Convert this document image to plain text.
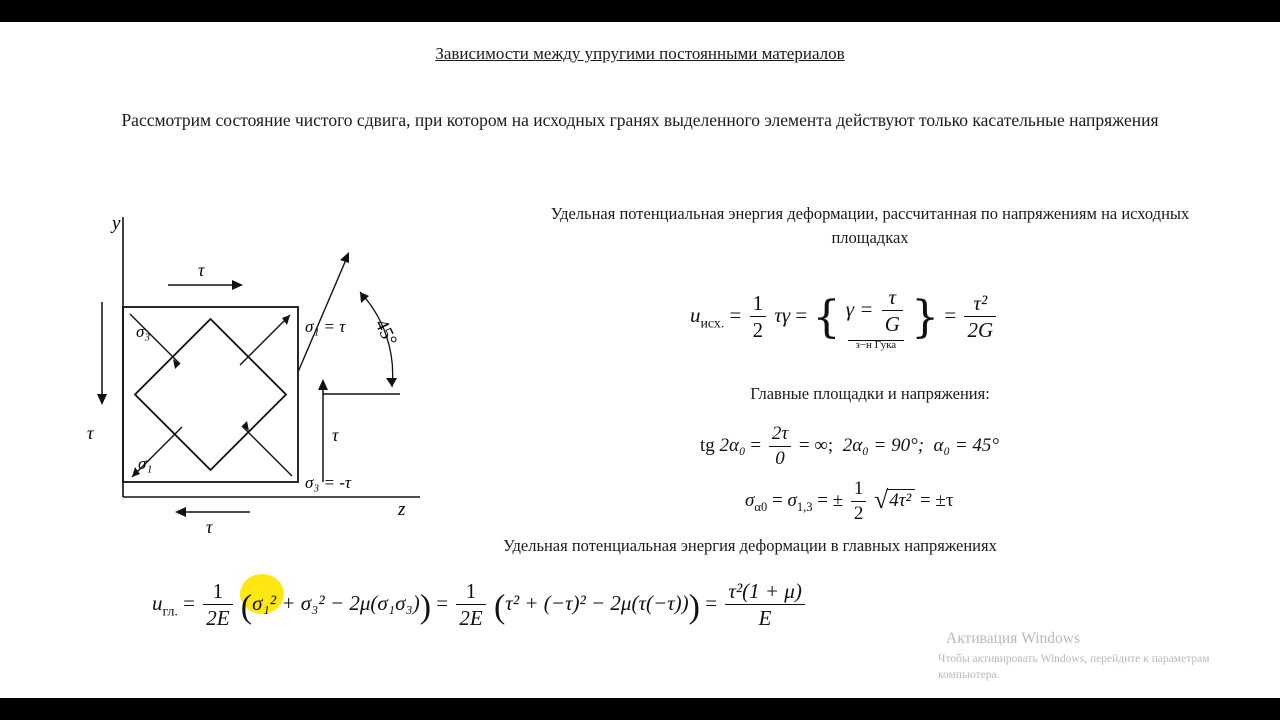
Зависимости между упругими постоянными материалов
Рассмотрим состояние чистого сдвига, при котором на исходных гранях выделенного элемента действуют только касательные напряжения
Удельная потенциальная энергия деформации, рассчитанная по напряжениям на исходных площадках
Главные площадки и напряжения:
Удельная потенциальная энергия деформации в главных напряжениях
y
z
τ
τ
τ	τ
σ₃
σ₁
σ₁ = τ
σ₃ = -τ
45°
$u_{исх.} = \frac{1}{2}$ τγ = { $\gamma = \frac{\tau}{G}$
з−н Гука
} = $\frac{\text{τ²}}{2G}$
tg $2\alpha_0 = \frac{2\tau}{0}$ = ∞; 2α₀ = 90°; α₀ = 45°
$\sigma_{\alpha 0} = \sigma_{1,3}$ = ± $\frac{1}{2} √4\tau^2 = \pm\tau$
$u_{гл.} = \frac{1}{2E} (\sigma_1^2 + \sigma_3^2 - 2\mu(\sigma_1\sigma_3)) = \frac{1}{2E} (\tau^2 + (-\tau)^2 - 2\mu(\tau(-\tau))) = \frac{\text{τ²(1 + μ)}}{E}$
Активация Windows
Чтобы активировать Windows, перейдите к параметрам компьютера.
